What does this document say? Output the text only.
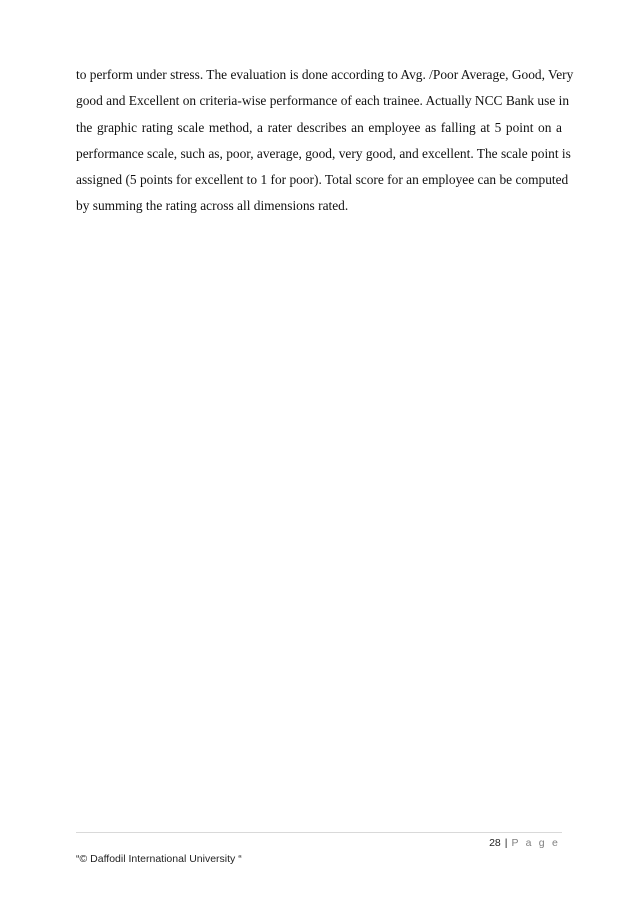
to perform under stress. The evaluation is done according to Avg. /Poor Average, Good, Very
good and Excellent on criteria-wise performance of each trainee. Actually NCC Bank use in
the graphic rating scale method, a rater describes an employee as falling at 5 point on a
performance scale, such as, poor, average, good, very good, and excellent. The scale point is
assigned (5 points for excellent to 1 for poor). Total score for an employee can be computed
by summing the rating across all dimensions rated.
28 | P a g e
“© Daffodil International University “
